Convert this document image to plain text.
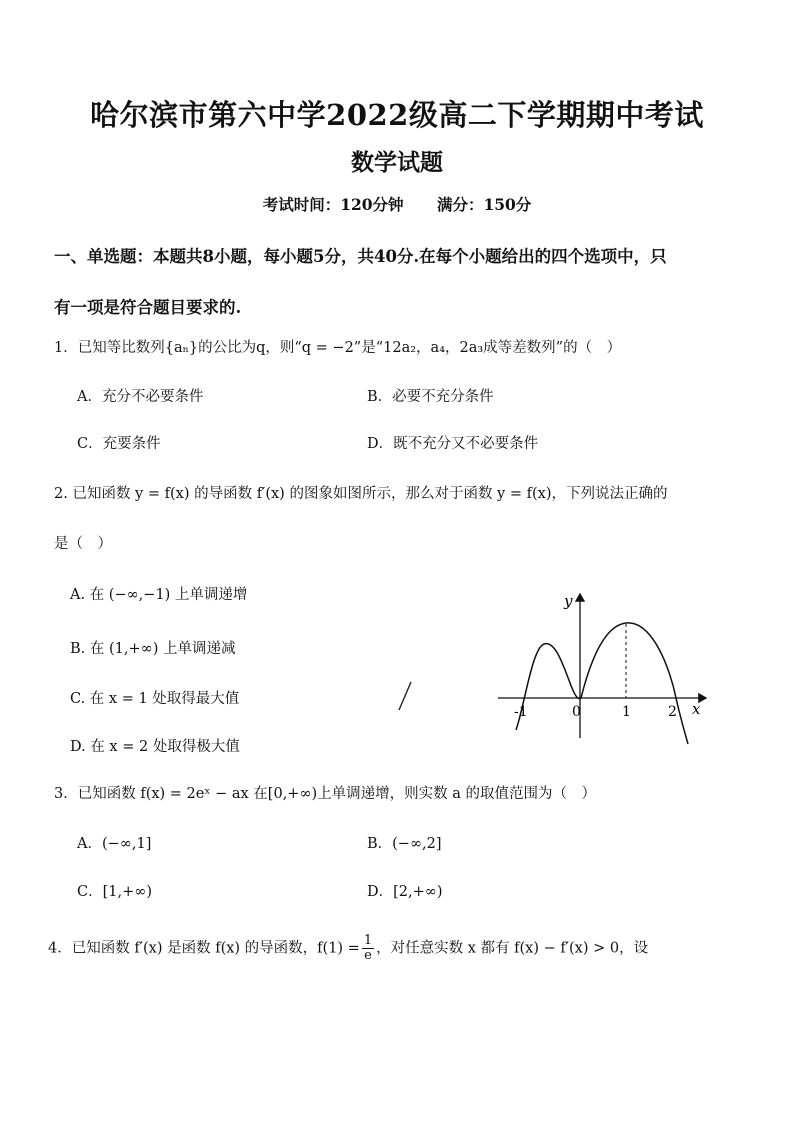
哈尔滨市第六中学2022级高二下学期期中考试
数学试题
考试时间：120分钟 满分：150分
一、单选题：本题共8小题，每小题5分，共40分.在每个小题给出的四个选项中，只
有一项是符合题目要求的.
1．已知等比数列{aₙ}的公比为q，则“q = −2”是“12a₂，a₄，2a₃成等差数列”的（　）
A．充分不必要条件	B．必要不充分条件
C．充要条件	D．既不充分又不必要条件
2. 已知函数 y = f(x) 的导函数 f′(x) 的图象如图所示，那么对于函数 y = f(x)，下列说法正确的
是（　）
A. 在 (−∞,−1) 上单调递增
B. 在 (1,+∞) 上单调递减
C. 在 x = 1 处取得最大值
D. 在 x = 2 处取得极大值
y
x
-1	0	1	2
3．已知函数 f(x) = 2eˣ − ax 在[0,+∞)上单调递增，则实数 a 的取值范围为（　）
A．(−∞,1]	B．(−∞,2]
C．[1,+∞)	D．[2,+∞)
4．已知函数 f′(x) 是函数 f(x) 的导函数，$f(1) = \frac{1}{e}$ ，对任意实数 x 都有 f(x) − f′(x) > 0，设
